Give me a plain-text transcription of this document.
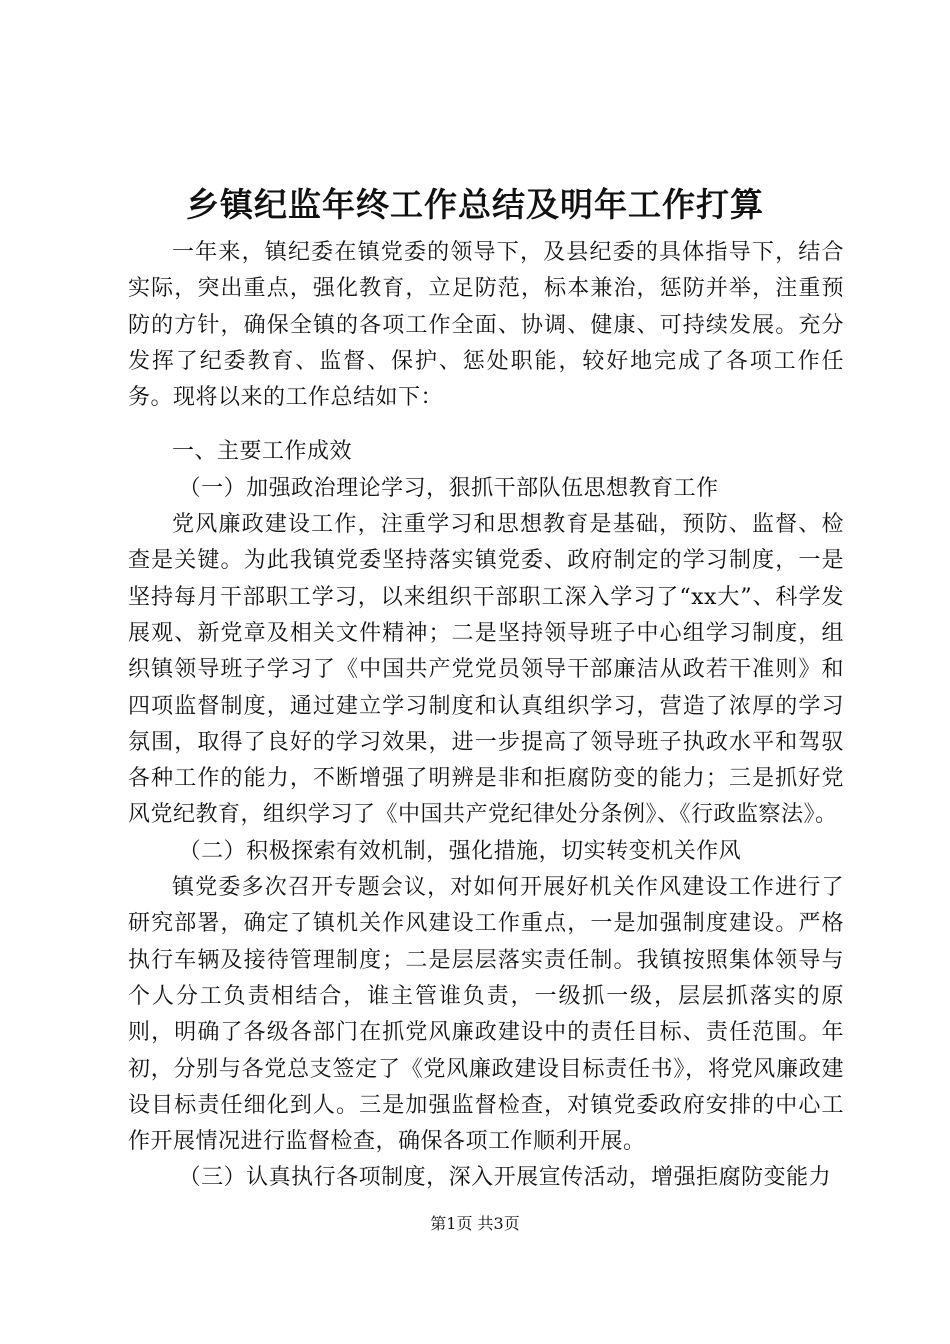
乡镇纪监年终工作总结及明年工作打算

一年来，镇纪委在镇党委的领导下，及县纪委的具体指导下，结合实际，突出重点，强化教育，立足防范，标本兼治，惩防并举，注重预防的方针，确保全镇的各项工作全面、协调、健康、可持续发展。充分发挥了纪委教育、监督、保护、惩处职能，较好地完成了各项工作任务。现将以来的工作总结如下：

一、主要工作成效

（一）加强政治理论学习，狠抓干部队伍思想教育工作

党风廉政建设工作，注重学习和思想教育是基础，预防、监督、检查是关键。为此我镇党委坚持落实镇党委、政府制定的学习制度，一是坚持每月干部职工学习，以来组织干部职工深入学习了“xx大”、科学发展观、新党章及相关文件精神；二是坚持领导班子中心组学习制度，组织镇领导班子学习了《中国共产党党员领导干部廉洁从政若干准则》和四项监督制度，通过建立学习制度和认真组织学习，营造了浓厚的学习氛围，取得了良好的学习效果，进一步提高了领导班子执政水平和驾驭各种工作的能力，不断增强了明辨是非和拒腐防变的能力；三是抓好党风党纪教育，组织学习了《中国共产党纪律处分条例》、《行政监察法》。

（二）积极探索有效机制，强化措施，切实转变机关作风

镇党委多次召开专题会议，对如何开展好机关作风建设工作进行了研究部署，确定了镇机关作风建设工作重点，一是加强制度建设。严格执行车辆及接待管理制度；二是层层落实责任制。我镇按照集体领导与个人分工负责相结合，谁主管谁负责，一级抓一级，层层抓落实的原则，明确了各级各部门在抓党风廉政建设中的责任目标、责任范围。年初，分别与各党总支签定了《党风廉政建设目标责任书》，将党风廉政建设目标责任细化到人。三是加强监督检查，对镇党委政府安排的中心工作开展情况进行监督检查，确保各项工作顺利开展。

（三）认真执行各项制度，深入开展宣传活动，增强拒腐防变能力

第1页 共3页
